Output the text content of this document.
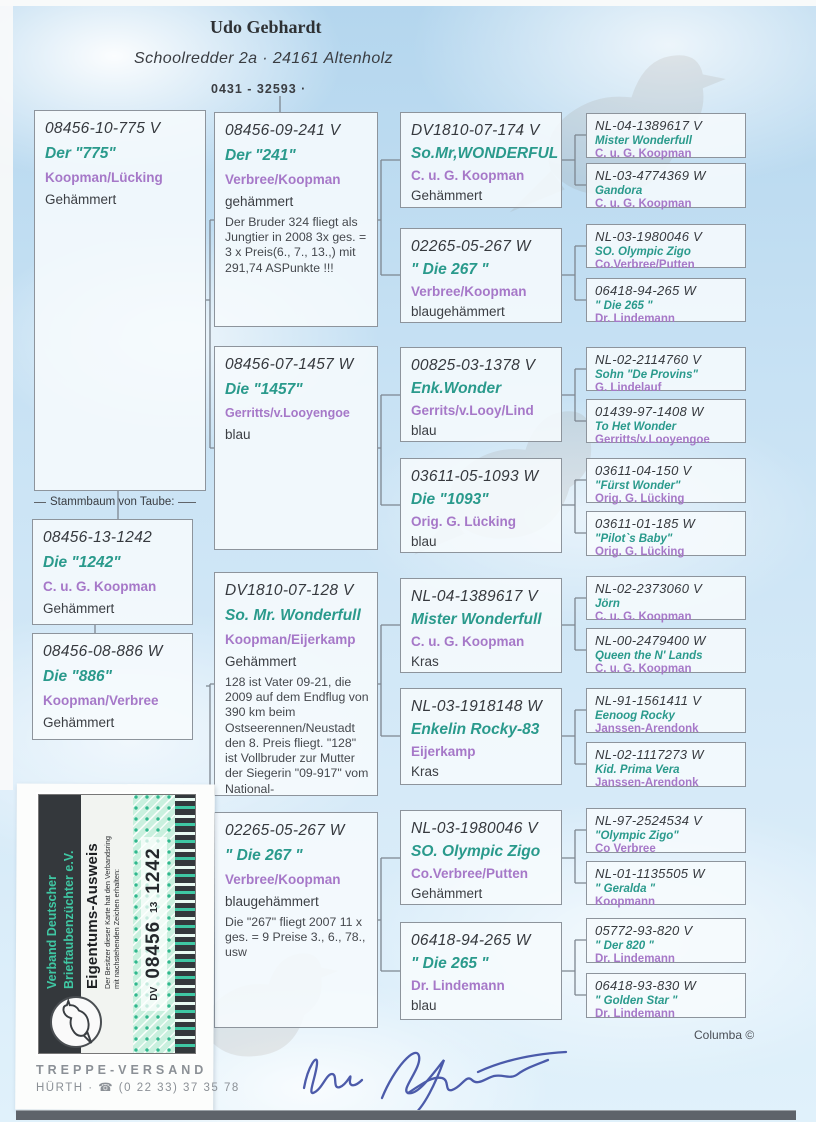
Udo Gebhardt
Schoolredder 2a · 24161 Altenholz
0431 - 32593 ·
08456-10-775 V
Der "775"
Koopman/Lücking
Gehämmert
Stammbaum von Taube:
08456-13-1242
Die "1242"
C. u. G. Koopman
Gehämmert
08456-08-886 W
Die "886"
Koopman/Verbree
Gehämmert
08456-09-241 V
Der "241"
Verbree/Koopman
gehämmert
Der Bruder 324 fliegt als Jungtier in 2008 3x ges. = 3 x Preis(6., 7., 13.,) mit 291,74 ASPunkte !!!
08456-07-1457 W
Die "1457"
Gerritts/v.Looyengoe
blau
DV1810-07-128 V
So. Mr. Wonderfull
Koopman/Eijerkamp
Gehämmert
128 ist Vater 09-21, die 2009 auf dem Endflug von 390 km beim Ostseerennen/Neustadt den 8. Preis fliegt. "128" ist Vollbruder zur Mutter der Siegerin "09-917" vom National-
02265-05-267 W
" Die 267 "
Verbree/Koopman
blaugehämmert
Die "267" fliegt 2007 11 x ges. = 9 Preise 3., 6., 78., usw
DV1810-07-174 V
So.Mr,WONDERFUL
C. u. G. Koopman
Gehämmert
02265-05-267 W
" Die 267 "
Verbree/Koopman
blaugehämmert
00825-03-1378 V
Enk.Wonder
Gerrits/v.Looy/Lind
blau
03611-05-1093 W
Die "1093"
Orig. G. Lücking
blau
NL-04-1389617 V
Mister Wonderfull
C. u. G. Koopman
Kras
NL-03-1918148 W
Enkelin Rocky-83
Eijerkamp
Kras
NL-03-1980046 V
SO. Olympic Zigo
Co.Verbree/Putten
Gehämmert
06418-94-265 W
" Die 265 "
Dr. Lindemann
blau
NL-04-1389617 V
Mister Wonderfull
C. u. G. Koopman
NL-03-4774369 W
Gandora
C. u. G. Koopman
NL-03-1980046 V
SO. Olympic Zigo
Co.Verbree/Putten
06418-94-265 W
" Die 265 "
Dr. Lindemann
NL-02-2114760 V
Sohn "De Provins"
G. Lindelauf
01439-97-1408 W
To Het Wonder
Gerritts/v.Looyengoe
03611-04-150 V
"Fürst Wonder"
Orig. G. Lücking
03611-01-185 W
"Pilot`s Baby"
Orig. G. Lücking
NL-02-2373060 V
Jörn
C. u. G. Koopman
NL-00-2479400 W
Queen the N' Lands
C. u. G. Koopman
NL-91-1561411 V
Eenoog Rocky
Janssen-Arendonk
NL-02-1117273 W
Kid. Prima Vera
Janssen-Arendonk
NL-97-2524534 V
"Olympic Zigo"
Co Verbree
NL-01-1135505 W
" Geralda "
Koopmann
05772-93-820 V
" Der 820 "
Dr. Lindemann
06418-93-830 W
" Golden Star "
Dr. Lindemann
Verband Deutscher Brieftaubenzüchter e.V. Eigentums-Ausweis Der Besitzer dieser Karte hat den Verbandsring
mit nachstehenden Zeichen erhalten:
DV
08456
13
1242
TREPPE-VERSAND
HÜRTH · ☎ (0 22 33) 37 35 78
Columba ©
